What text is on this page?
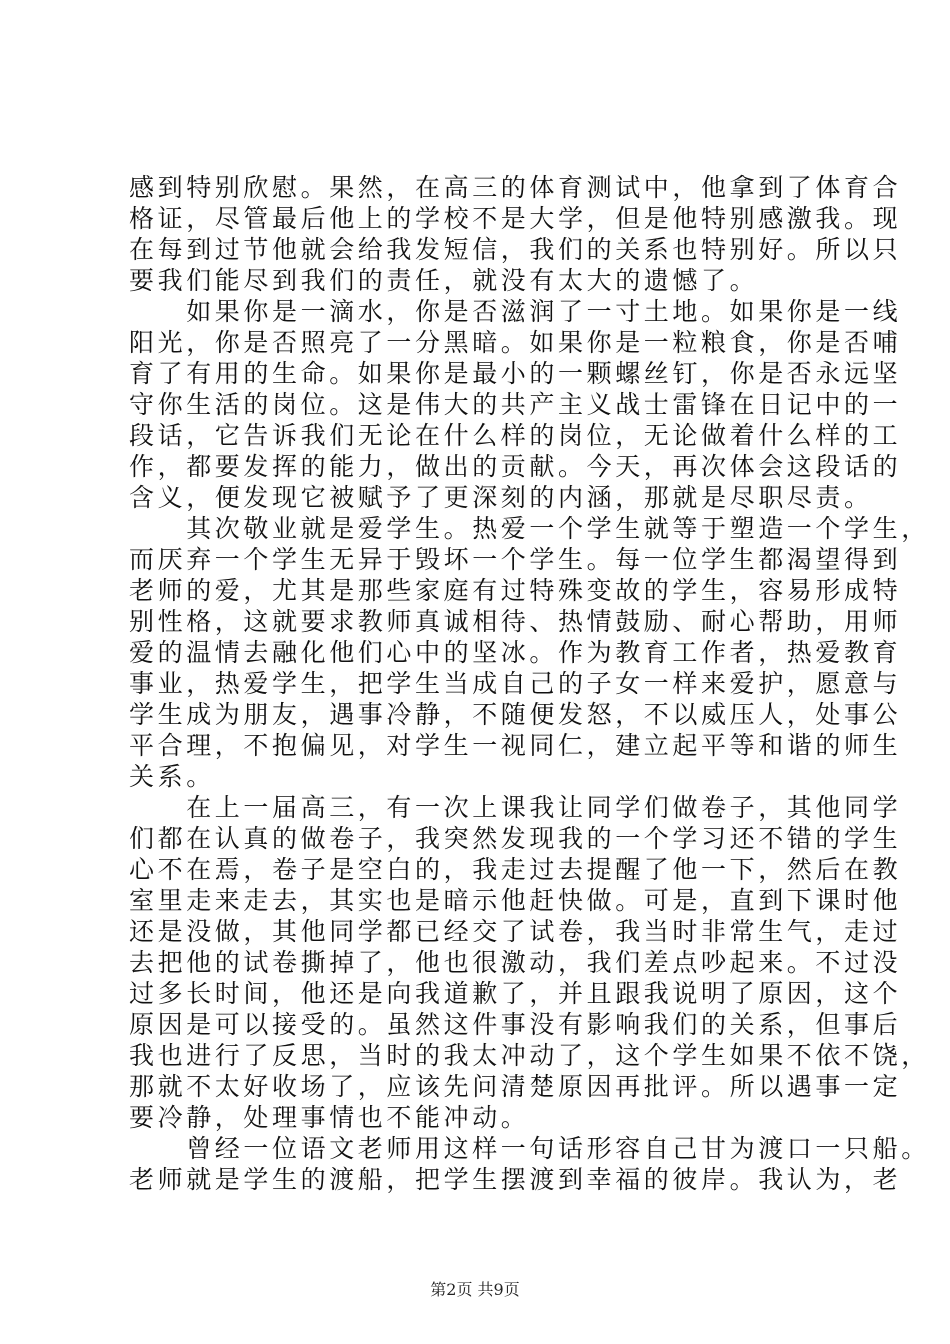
感到特别欣慰。果然，在高三的体育测试中，他拿到了体育合
格证，尽管最后他上的学校不是大学，但是他特别感激我。现
在每到过节他就会给我发短信，我们的关系也特别好。所以只
要我们能尽到我们的责任，就没有太大的遗憾了。
　　如果你是一滴水，你是否滋润了一寸土地。如果你是一线
阳光，你是否照亮了一分黑暗。如果你是一粒粮食，你是否哺
育了有用的生命。如果你是最小的一颗螺丝钉，你是否永远坚
守你生活的岗位。这是伟大的共产主义战士雷锋在日记中的一
段话，它告诉我们无论在什么样的岗位，无论做着什么样的工
作，都要发挥的能力，做出的贡献。今天，再次体会这段话的
含义，便发现它被赋予了更深刻的内涵，那就是尽职尽责。
　　其次敬业就是爱学生。热爱一个学生就等于塑造一个学生，
而厌弃一个学生无异于毁坏一个学生。每一位学生都渴望得到
老师的爱，尤其是那些家庭有过特殊变故的学生，容易形成特
别性格，这就要求教师真诚相待、热情鼓励、耐心帮助，用师
爱的温情去融化他们心中的坚冰。作为教育工作者，热爱教育
事业，热爱学生，把学生当成自己的子女一样来爱护，愿意与
学生成为朋友，遇事冷静，不随便发怒，不以威压人，处事公
平合理，不抱偏见，对学生一视同仁，建立起平等和谐的师生
关系。
　　在上一届高三，有一次上课我让同学们做卷子，其他同学
们都在认真的做卷子，我突然发现我的一个学习还不错的学生
心不在焉，卷子是空白的，我走过去提醒了他一下，然后在教
室里走来走去，其实也是暗示他赶快做。可是，直到下课时他
还是没做，其他同学都已经交了试卷，我当时非常生气，走过
去把他的试卷撕掉了，他也很激动，我们差点吵起来。不过没
过多长时间，他还是向我道歉了，并且跟我说明了原因，这个
原因是可以接受的。虽然这件事没有影响我们的关系，但事后
我也进行了反思，当时的我太冲动了，这个学生如果不依不饶，
那就不太好收场了，应该先问清楚原因再批评。所以遇事一定
要冷静，处理事情也不能冲动。
　　曾经一位语文老师用这样一句话形容自己甘为渡口一只船。
老师就是学生的渡船，把学生摆渡到幸福的彼岸。我认为，老
第2页 共9页
